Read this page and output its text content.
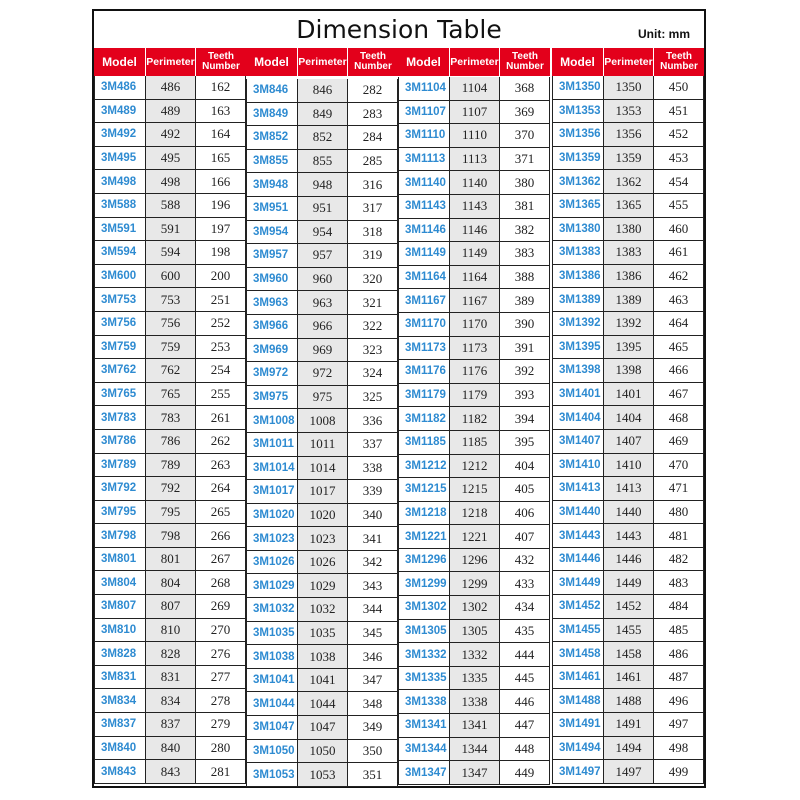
Dimension Table	Unit: mm
Model Perimeter	Teeth Number
3M486	486	162
3M489	489	163
3M492	492	164
3M495	495	165
3M498	498	166
3M588	588	196
3M591	591	197
3M594	594	198
3M600	600	200
3M753	753	251
3M756	756	252
3M759	759	253
3M762	762	254
3M765	765	255
3M783	783	261
3M786	786	262
3M789	789	263
3M792	792	264
3M795	795	265
3M798	798	266
3M801	801	267
3M804	804	268
3M807	807	269
3M810	810	270
3M828	828	276
3M831	831	277
3M834	834	278
3M837	837	279
3M840	840	280
3M843	843	281
Model Perimeter	Teeth Number
3M846	846	282
3M849	849	283
3M852	852	284
3M855	855	285
3M948	948	316
3M951	951	317
3M954	954	318
3M957	957	319
3M960	960	320
3M963	963	321
3M966	966	322
3M969	969	323
3M972	972	324
3M975	975	325
3M1008	1008	336
3M1011	1011	337
3M1014	1014	338
3M1017	1017	339
3M1020	1020	340
3M1023	1023	341
3M1026	1026	342
3M1029	1029	343
3M1032	1032	344
3M1035	1035	345
3M1038	1038	346
3M1041	1041	347
3M1044	1044	348
3M1047	1047	349
3M1050	1050	350
3M1053	1053	351
Model Perimeter	Teeth Number
3M1104	1104	368
3M1107	1107	369
3M1110	1110	370
3M1113	1113	371
3M1140	1140	380
3M1143	1143	381
3M1146	1146	382
3M1149	1149	383
3M1164	1164	388
3M1167	1167	389
3M1170	1170	390
3M1173	1173	391
3M1176	1176	392
3M1179	1179	393
3M1182	1182	394
3M1185	1185	395
3M1212	1212	404
3M1215	1215	405
3M1218	1218	406
3M1221	1221	407
3M1296	1296	432
3M1299	1299	433
3M1302	1302	434
3M1305	1305	435
3M1332	1332	444
3M1335	1335	445
3M1338	1338	446
3M1341	1341	447
3M1344	1344	448
3M1347	1347	449
Model Perimeter	Teeth Number
3M1350	1350	450
3M1353	1353	451
3M1356	1356	452
3M1359	1359	453
3M1362	1362	454
3M1365	1365	455
3M1380	1380	460
3M1383	1383	461
3M1386	1386	462
3M1389	1389	463
3M1392	1392	464
3M1395	1395	465
3M1398	1398	466
3M1401	1401	467
3M1404	1404	468
3M1407	1407	469
3M1410	1410	470
3M1413	1413	471
3M1440	1440	480
3M1443	1443	481
3M1446	1446	482
3M1449	1449	483
3M1452	1452	484
3M1455	1455	485
3M1458	1458	486
3M1461	1461	487
3M1488	1488	496
3M1491	1491	497
3M1494	1494	498
3M1497	1497	499
